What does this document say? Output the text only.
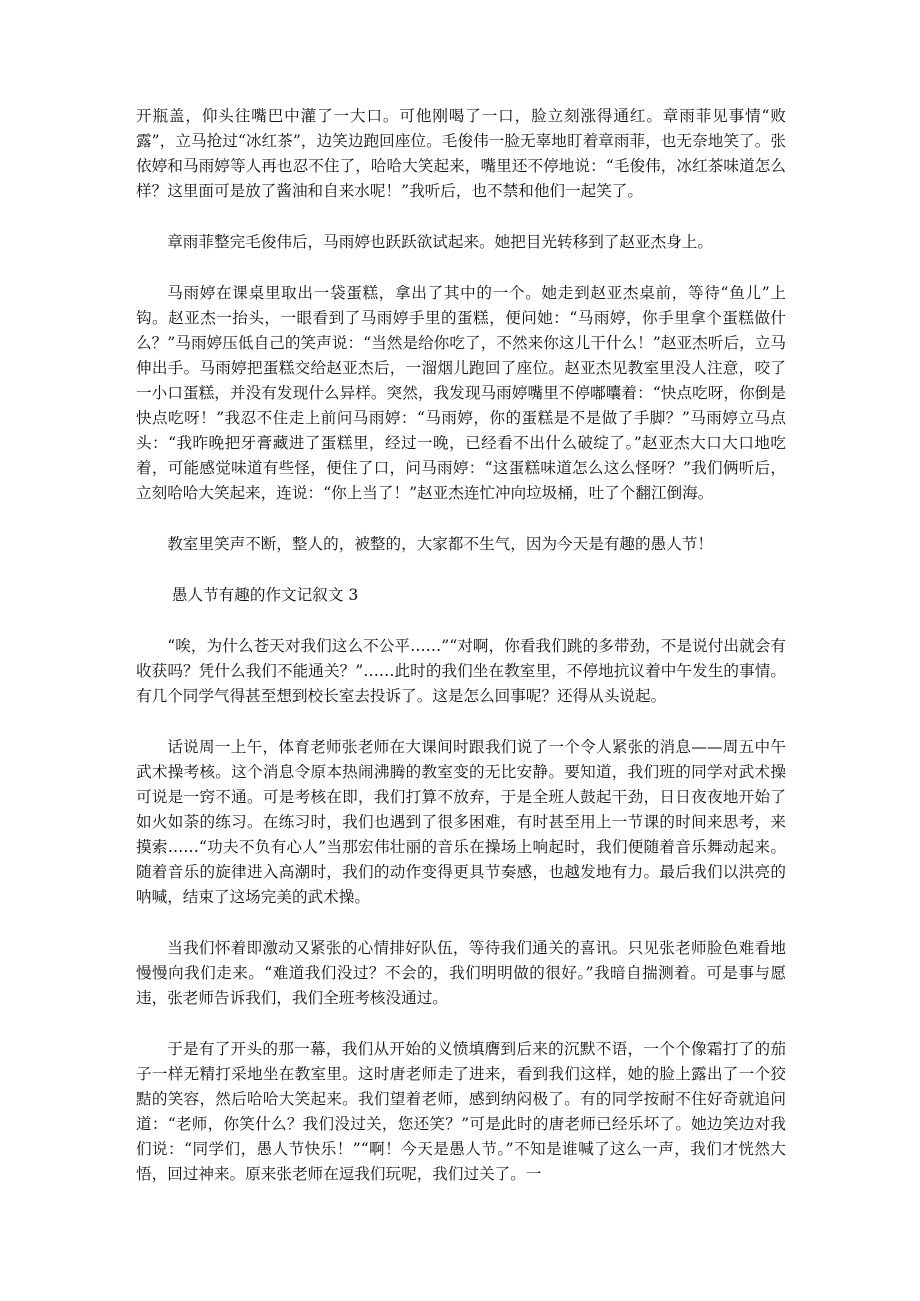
开瓶盖，仰头往嘴巴中灌了一大口。可他刚喝了一口，脸立刻涨得通红。章雨菲见事情“败露”，立马抢过“冰红茶”，边笑边跑回座位。毛俊伟一脸无辜地盯着章雨菲，也无奈地笑了。张依婷和马雨婷等人再也忍不住了，哈哈大笑起来，嘴里还不停地说：“毛俊伟，冰红茶味道怎么样？这里面可是放了酱油和自来水呢！”我听后，也不禁和他们一起笑了。

章雨菲整完毛俊伟后，马雨婷也跃跃欲试起来。她把目光转移到了赵亚杰身上。

马雨婷在课桌里取出一袋蛋糕，拿出了其中的一个。她走到赵亚杰桌前，等待“鱼儿”上钩。赵亚杰一抬头，一眼看到了马雨婷手里的蛋糕，便问她：“马雨婷，你手里拿个蛋糕做什么？”马雨婷压低自己的笑声说：“当然是给你吃了，不然来你这儿干什么！”赵亚杰听后，立马伸出手。马雨婷把蛋糕交给赵亚杰后，一溜烟儿跑回了座位。赵亚杰见教室里没人注意，咬了一小口蛋糕，并没有发现什么异样。突然，我发现马雨婷嘴里不停嘟囔着：“快点吃呀，你倒是快点吃呀！”我忍不住走上前问马雨婷：“马雨婷，你的蛋糕是不是做了手脚？”马雨婷立马点头：“我昨晚把牙膏藏进了蛋糕里，经过一晚，已经看不出什么破绽了。”赵亚杰大口大口地吃着，可能感觉味道有些怪，便住了口，问马雨婷：“这蛋糕味道怎么这么怪呀？”我们俩听后，立刻哈哈大笑起来，连说：“你上当了！”赵亚杰连忙冲向垃圾桶，吐了个翻江倒海。

教室里笑声不断，整人的，被整的，大家都不生气，因为今天是有趣的愚人节！

愚人节有趣的作文记叙文 3

“唉，为什么苍天对我们这么不公平……”“对啊，你看我们跳的多带劲，不是说付出就会有收获吗？凭什么我们不能通关？”……此时的我们坐在教室里，不停地抗议着中午发生的事情。有几个同学气得甚至想到校长室去投诉了。这是怎么回事呢？还得从头说起。

话说周一上午，体育老师张老师在大课间时跟我们说了一个令人紧张的消息——周五中午武术操考核。这个消息令原本热闹沸腾的教室变的无比安静。要知道，我们班的同学对武术操可说是一窍不通。可是考核在即，我们打算不放弃，于是全班人鼓起干劲，日日夜夜地开始了如火如荼的练习。在练习时，我们也遇到了很多困难，有时甚至用上一节课的时间来思考，来摸索……“功夫不负有心人”当那宏伟壮丽的音乐在操场上响起时，我们便随着音乐舞动起来。随着音乐的旋律进入高潮时，我们的动作变得更具节奏感，也越发地有力。最后我们以洪亮的呐喊，结束了这场完美的武术操。

当我们怀着即激动又紧张的心情排好队伍，等待我们通关的喜讯。只见张老师脸色难看地慢慢向我们走来。“难道我们没过？不会的，我们明明做的很好。”我暗自揣测着。可是事与愿违，张老师告诉我们，我们全班考核没通过。

于是有了开头的那一幕，我们从开始的义愤填膺到后来的沉默不语，一个个像霜打了的茄子一样无精打采地坐在教室里。这时唐老师走了进来，看到我们这样，她的脸上露出了一个狡黠的笑容，然后哈哈大笑起来。我们望着老师，感到纳闷极了。有的同学按耐不住好奇就追问道：“老师，你笑什么？我们没过关，您还笑？”可是此时的唐老师已经乐坏了。她边笑边对我们说：“同学们，愚人节快乐！”“啊！今天是愚人节。”不知是谁喊了这么一声，我们才恍然大悟，回过神来。原来张老师在逗我们玩呢，我们过关了。一
